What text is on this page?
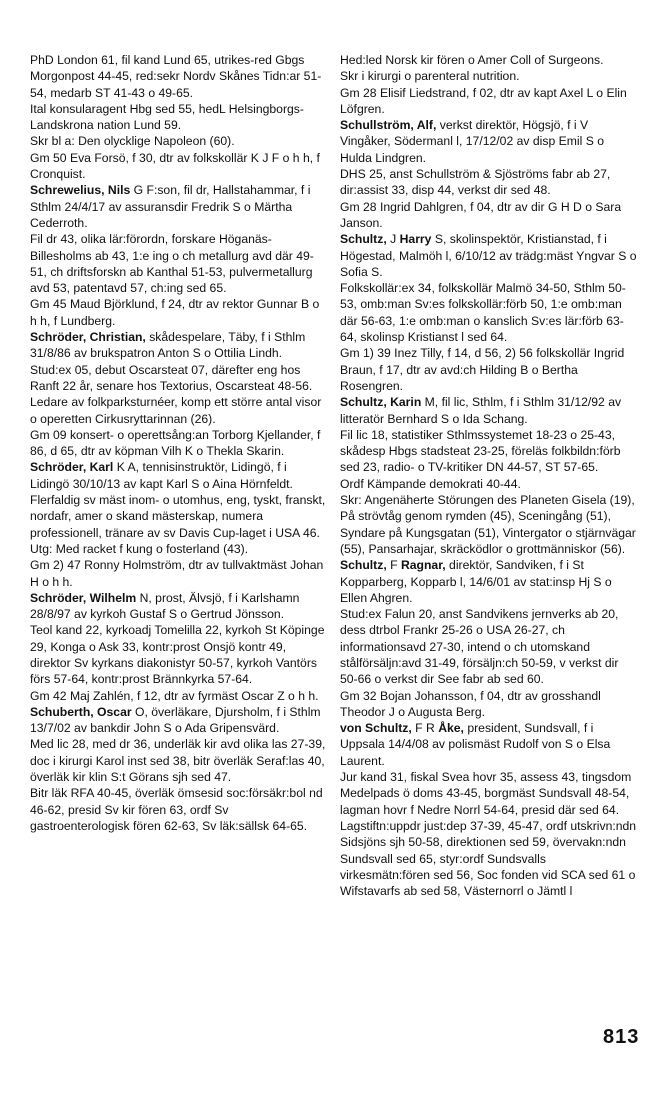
PhD London 61, fil kand Lund 65, utrikes-red Gbgs Morgonpost 44-45, red:sekr Nordv Skånes Tidn:ar 51-54, medarb ST 41-43 o 49-65.

Ital konsularagent Hbg sed 55, hedL Helsingborgs-Landskrona nation Lund 59.

Skr bl a: Den olycklige Napoleon (60).

Gm 50 Eva Forsö, f 30, dtr av folkskollär K J F o h h, f Cronquist.

Schrewelius, Nils G F:son, fil dr, Hallstahammar, f i Sthlm 24/4/17 av assuransdir Fredrik S o Märtha Cederroth.

Fil dr 43, olika lär:förordn, forskare Höganäs-Billesholms ab 43, 1:e ing o ch metallurg avd där 49-51, ch driftsforskn ab Kanthal 51-53, pulvermetallurg avd 53, patentavd 57, ch:ing sed 65.

Gm 45 Maud Björklund, f 24, dtr av rektor Gunnar B o h h, f Lundberg.

Schröder, Christian, skådespelare, Täby, f i Sthlm 31/8/86 av brukspatron Anton S o Ottilia Lindh.

Stud:ex 05, debut Oscarsteat 07, därefter eng hos Ranft 22 år, senare hos Textorius, Oscarsteat 48-56.

Ledare av folkparksturnéer, komp ett större antal visor o operetten Cirkusryttarinnan (26).

Gm 09 konsert- o operettsång:an Torborg Kjellander, f 86, d 65, dtr av köpman Vilh K o Thekla Skarin.

Schröder, Karl K A, tennisinstruktör, Lidingö, f i Lidingö 30/10/13 av kapt Karl S o Aina Hörnfeldt.

Flerfaldig sv mäst inom- o utomhus, eng, tyskt, franskt, nordafr, amer o skand mästerskap, numera professionell, tränare av sv Davis Cup-laget i USA 46.

Utg: Med racket f kung o fosterland (43).

Gm 2) 47 Ronny Holmström, dtr av tullvaktmäst Johan H o h h.

Schröder, Wilhelm N, prost, Älvsjö, f i Karlshamn 28/8/97 av kyrkoh Gustaf S o Gertrud Jönsson.

Teol kand 22, kyrkoadj Tomelilla 22, kyrkoh St Köpinge 29, Konga o Ask 33, kontr:prost Onsjö kontr 49, direktor Sv kyrkans diakonistyr 50-57, kyrkoh Vantörs förs 57-64, kontr:prost Brännkyrka 57-64.

Gm 42 Maj Zahlén, f 12, dtr av fyrmäst Oscar Z o h h.

Schuberth, Oscar O, överläkare, Djursholm, f i Sthlm 13/7/02 av bankdir John S o Ada Gripensvärd.

Med lic 28, med dr 36, underläk kir avd olika las 27-39, doc i kirurgi Karol inst sed 38, bitr överläk Seraf:las 40, överläk kir klin S:t Görans sjh sed 47.

Bitr läk RFA 40-45, överläk ömsesid soc:försäkr:bol nd 46-62, presid Sv kir fören 63, ordf Sv gastroenterologisk fören 62-63, Sv läk:sällsk 64-65.

Hed:led Norsk kir fören o Amer Coll of Surgeons.

Skr i kirurgi o parenteral nutrition.

Gm 28 Elisif Liedstrand, f 02, dtr av kapt Axel L o Elin Löfgren.

Schullström, Alf, verkst direktör, Högsjö, f i V Vingåker, Södermanl l, 17/12/02 av disp Emil S o Hulda Lindgren.

DHS 25, anst Schullström & Sjöströms fabr ab 27, dir:assist 33, disp 44, verkst dir sed 48.

Gm 28 Ingrid Dahlgren, f 04, dtr av dir G H D o Sara Janson.

Schultz, J Harry S, skolinspektör, Kristianstad, f i Högestad, Malmöh l, 6/10/12 av trädg:mäst Yngvar S o Sofia S.

Folkskollär:ex 34, folkskollär Malmö 34-50, Sthlm 50-53, omb:man Sv:es folkskollär:förb 50, 1:e omb:man där 56-63, 1:e omb:man o kanslich Sv:es lär:förb 63-64, skolinsp Kristianst l sed 64.

Gm 1) 39 Inez Tilly, f 14, d 56, 2) 56 folkskollär Ingrid Braun, f 17, dtr av avd:ch Hilding B o Bertha Rosengren.

Schultz, Karin M, fil lic, Sthlm, f i Sthlm 31/12/92 av litteratör Bernhard S o Ida Schang.

Fil lic 18, statistiker Sthlmssystemet 18-23 o 25-43, skådesp Hbgs stadsteat 23-25, föreläs folkbildn:förb sed 23, radio- o TV-kritiker DN 44-57, ST 57-65.

Ordf Kämpande demokrati 40-44.

Skr: Angenäherte Störungen des Planeten Gisela (19), På strövtåg genom rymden (45), Sceningång (51), Syndare på Kungsgatan (51), Vintergator o stjärnvägar (55), Pansarhajar, skräcködlor o grottmänniskor (56).

Schultz, F Ragnar, direktör, Sandviken, f i St Kopparberg, Kopparb l, 14/6/01 av stat:insp Hj S o Ellen Ahgren.

Stud:ex Falun 20, anst Sandvikens jernverks ab 20, dess dtrbol Frankr 25-26 o USA 26-27, ch informationsavd 27-30, intend o ch utomskand stålförsäljn:avd 31-49, försäljn:ch 50-59, v verkst dir 50-66 o verkst dir See fabr ab sed 60.

Gm 32 Bojan Johansson, f 04, dtr av grosshandl Theodor J o Augusta Berg.

von Schultz, F R Åke, president, Sundsvall, f i Uppsala 14/4/08 av polismäst Rudolf von S o Elsa Laurent.

Jur kand 31, fiskal Svea hovr 35, assess 43, tingsdom Medelpads ö doms 43-45, borgmäst Sundsvall 48-54, lagman hovr f Nedre Norrl 54-64, presid där sed 64.

Lagstiftn:uppdr just:dep 37-39, 45-47, ordf utskrivn:ndn Sidsjöns sjh 50-58, direktionen sed 59, övervakn:ndn Sundsvall sed 65, styr:ordf Sundsvalls virkesmätn:fören sed 56, Soc fonden vid SCA sed 61 o Wifstavarfs ab sed 58, Västernorrl o Jämtl l

813
